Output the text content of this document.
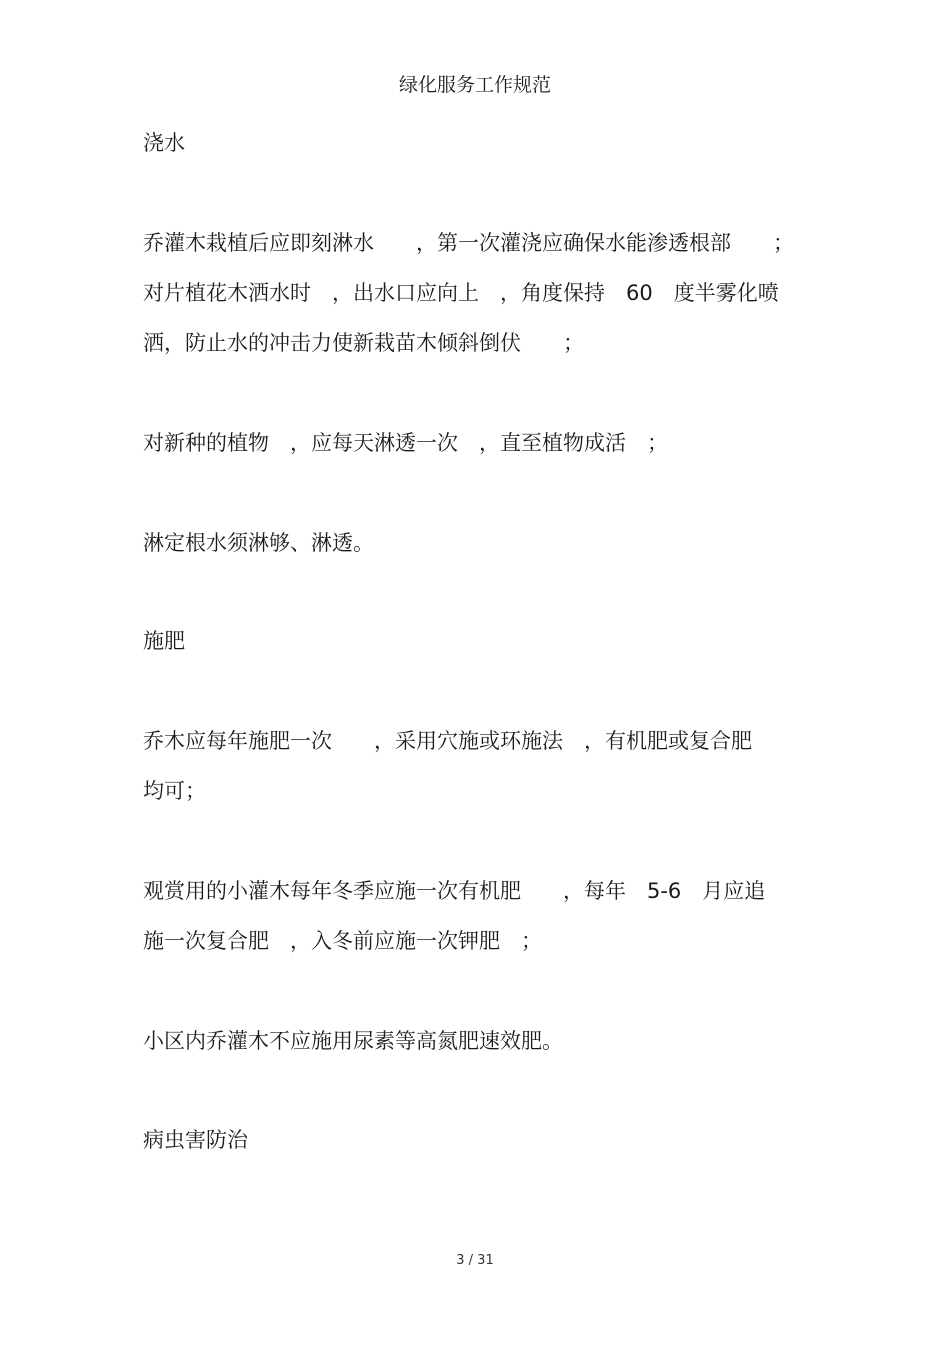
绿化服务工作规范
浇水
乔灌木栽植后应即刻淋水　　，第一次灌浇应确保水能渗透根部　　；
对片植花木洒水时　，出水口应向上　，角度保持　60　度半雾化喷
洒，防止水的冲击力使新栽苗木倾斜倒伏　　；
对新种的植物　，应每天淋透一次　，直至植物成活　；
淋定根水须淋够、淋透。
施肥
乔木应每年施肥一次　　，采用穴施或环施法　，有机肥或复合肥
均可；
观赏用的小灌木每年冬季应施一次有机肥　　，每年　5-6　月应追
施一次复合肥　，入冬前应施一次钾肥　；
小区内乔灌木不应施用尿素等高氮肥速效肥。
病虫害防治
3 / 31
